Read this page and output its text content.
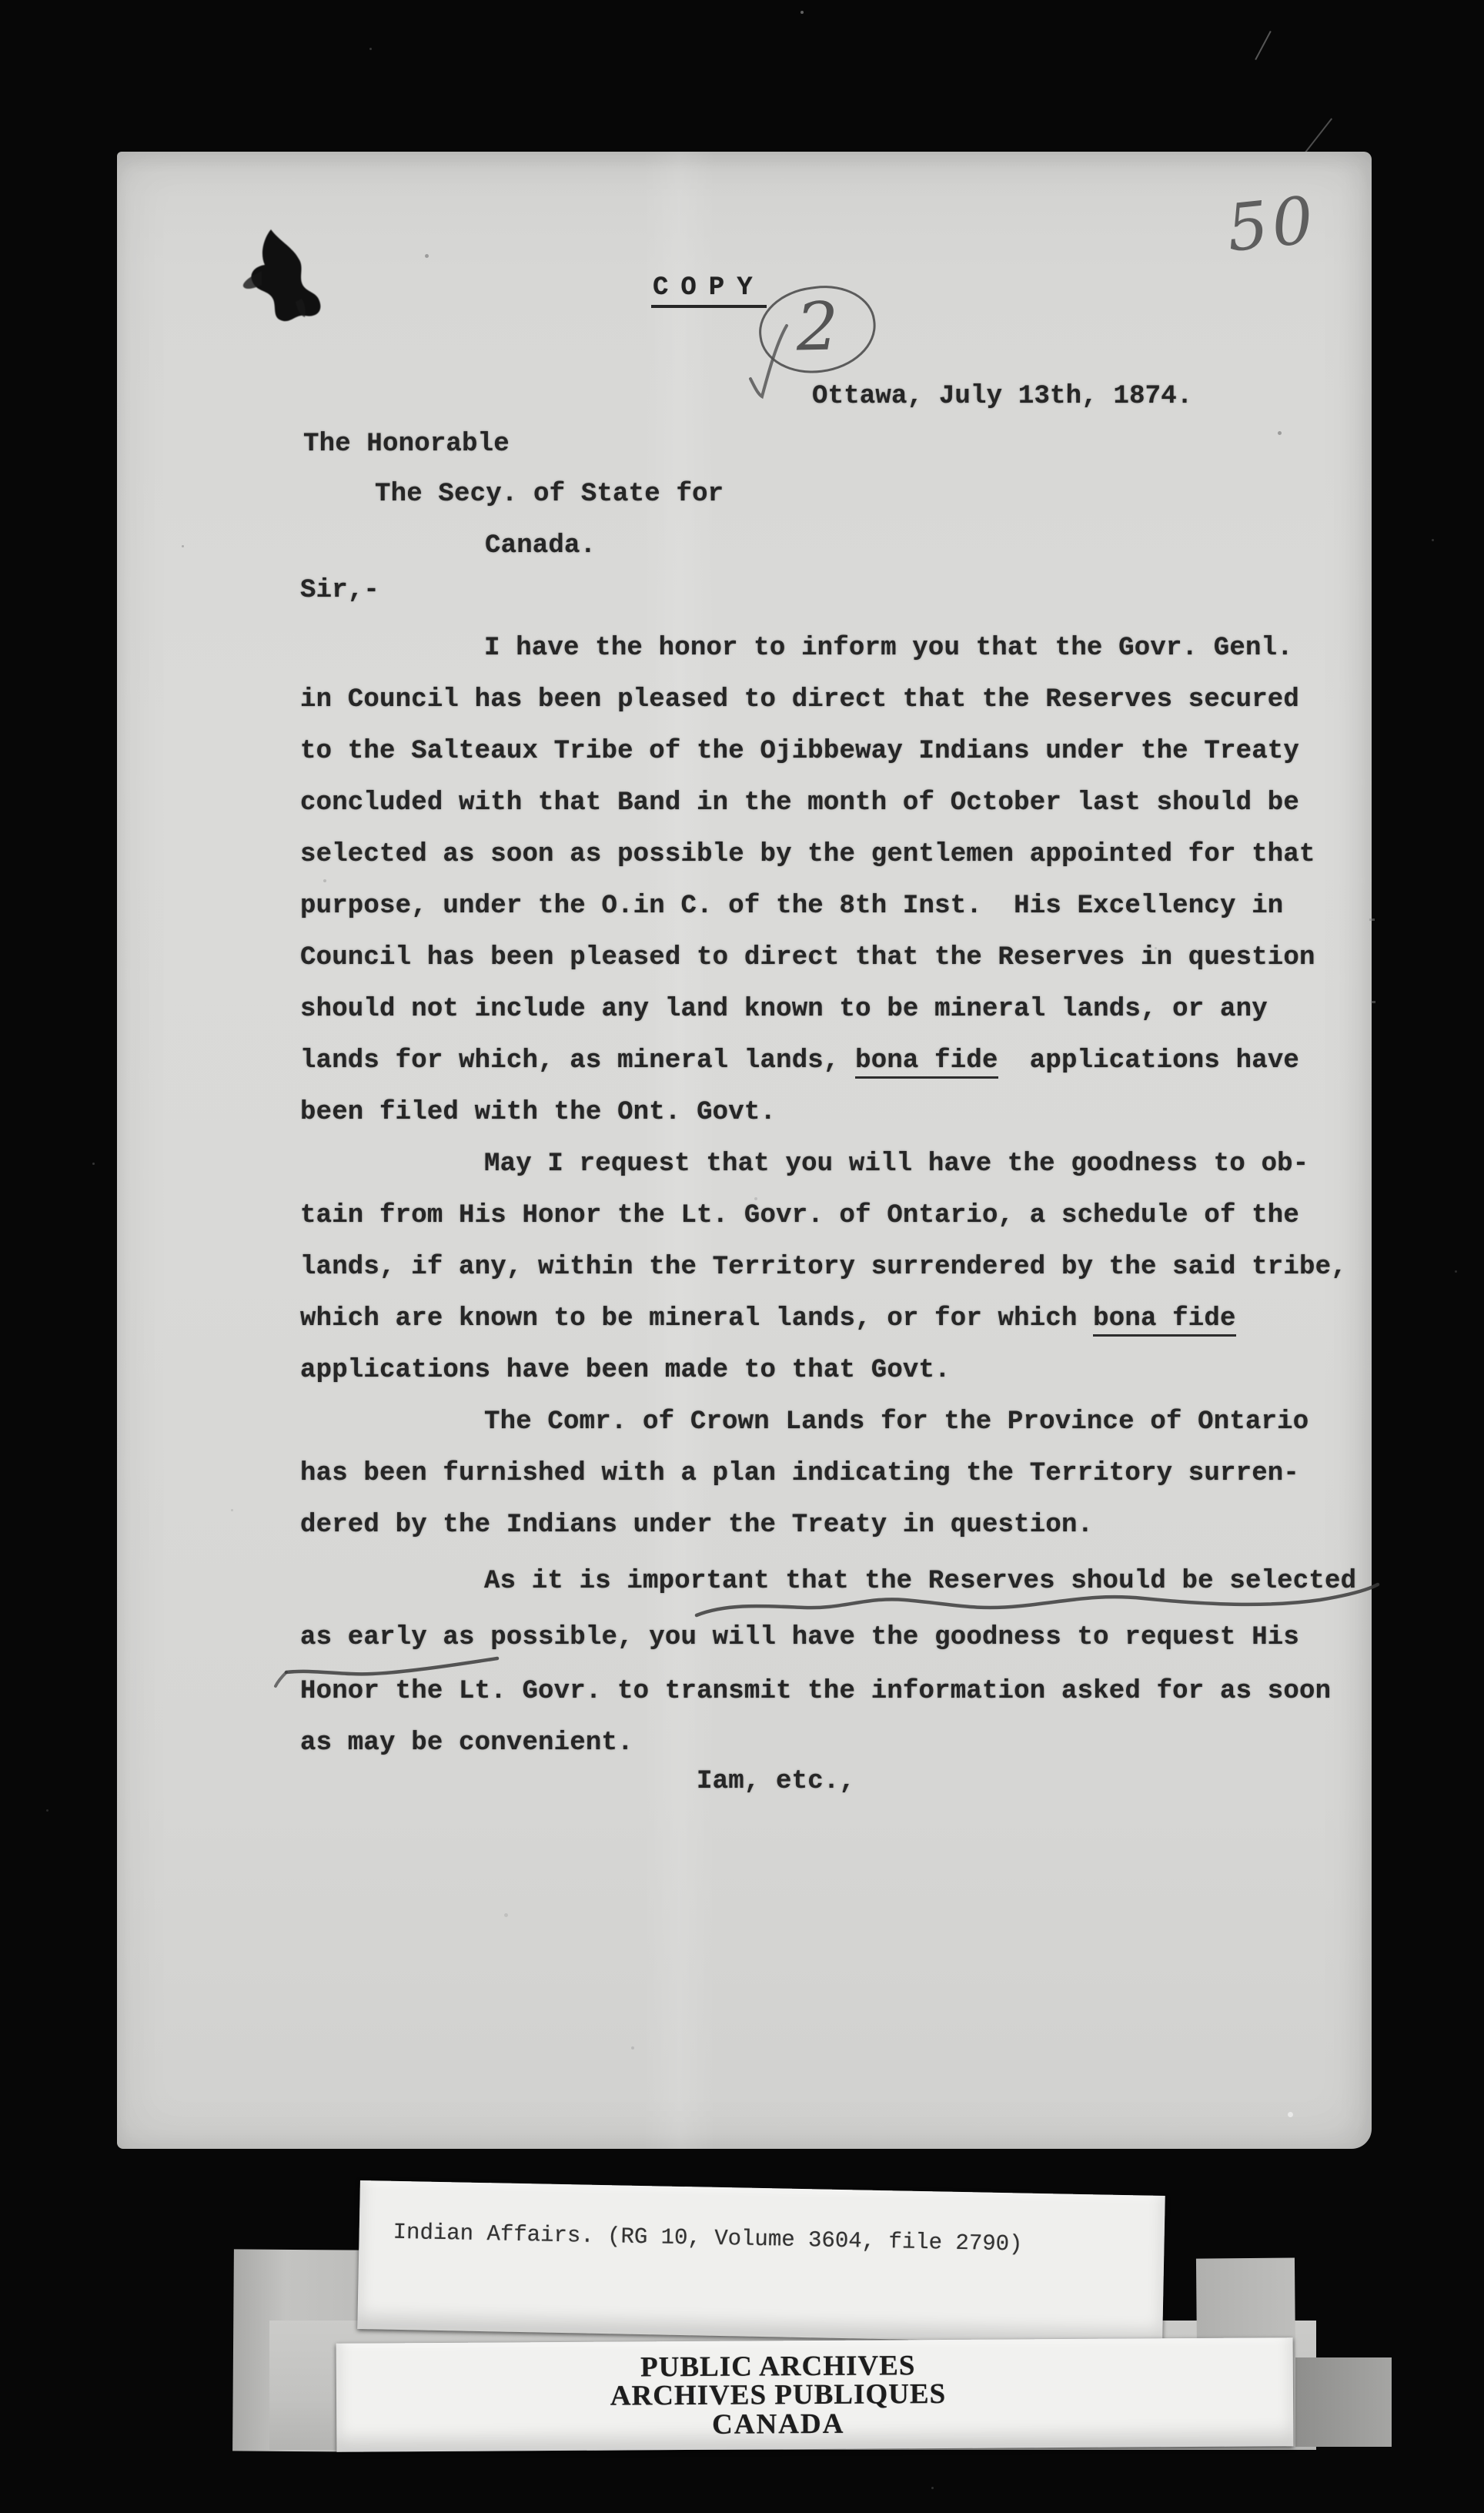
COPY
2
50
Ottawa, July 13th, 1874.
The Honorable
The Secy. of State for
Canada.
Sir,-
I have the honor to inform you that the Govr. Genl.
in Council has been pleased to direct that the Reserves secured
to the Salteaux Tribe of the Ojibbeway Indians under the Treaty
concluded with that Band in the month of October last should be
selected as soon as possible by the gentlemen appointed for that
purpose, under the O.in C. of the 8th Inst.  His Excellency in
Council has been pleased to direct that the Reserves in question
should not include any land known to be mineral lands, or any
lands for which, as mineral lands, bona fide  applications have
been filed with the Ont. Govt.
May I request that you will have the goodness to ob-
tain from His Honor the Lt. Govr. of Ontario, a schedule of the
lands, if any, within the Territory surrendered by the said tribe,
which are known to be mineral lands, or for which bona fide
applications have been made to that Govt.
The Comr. of Crown Lands for the Province of Ontario
has been furnished with a plan indicating the Territory surren-
dered by the Indians under the Treaty in question.
As it is important that the Reserves should be selected
as early as possible, you will have the goodness to request His
Honor the Lt. Govr. to transmit the information asked for as soon
as may be convenient.
Iam, etc.,
Indian Affairs. (RG 10, Volume 3604, file 2790)
PUBLIC ARCHIVES
ARCHIVES PUBLIQUES
CANADA
